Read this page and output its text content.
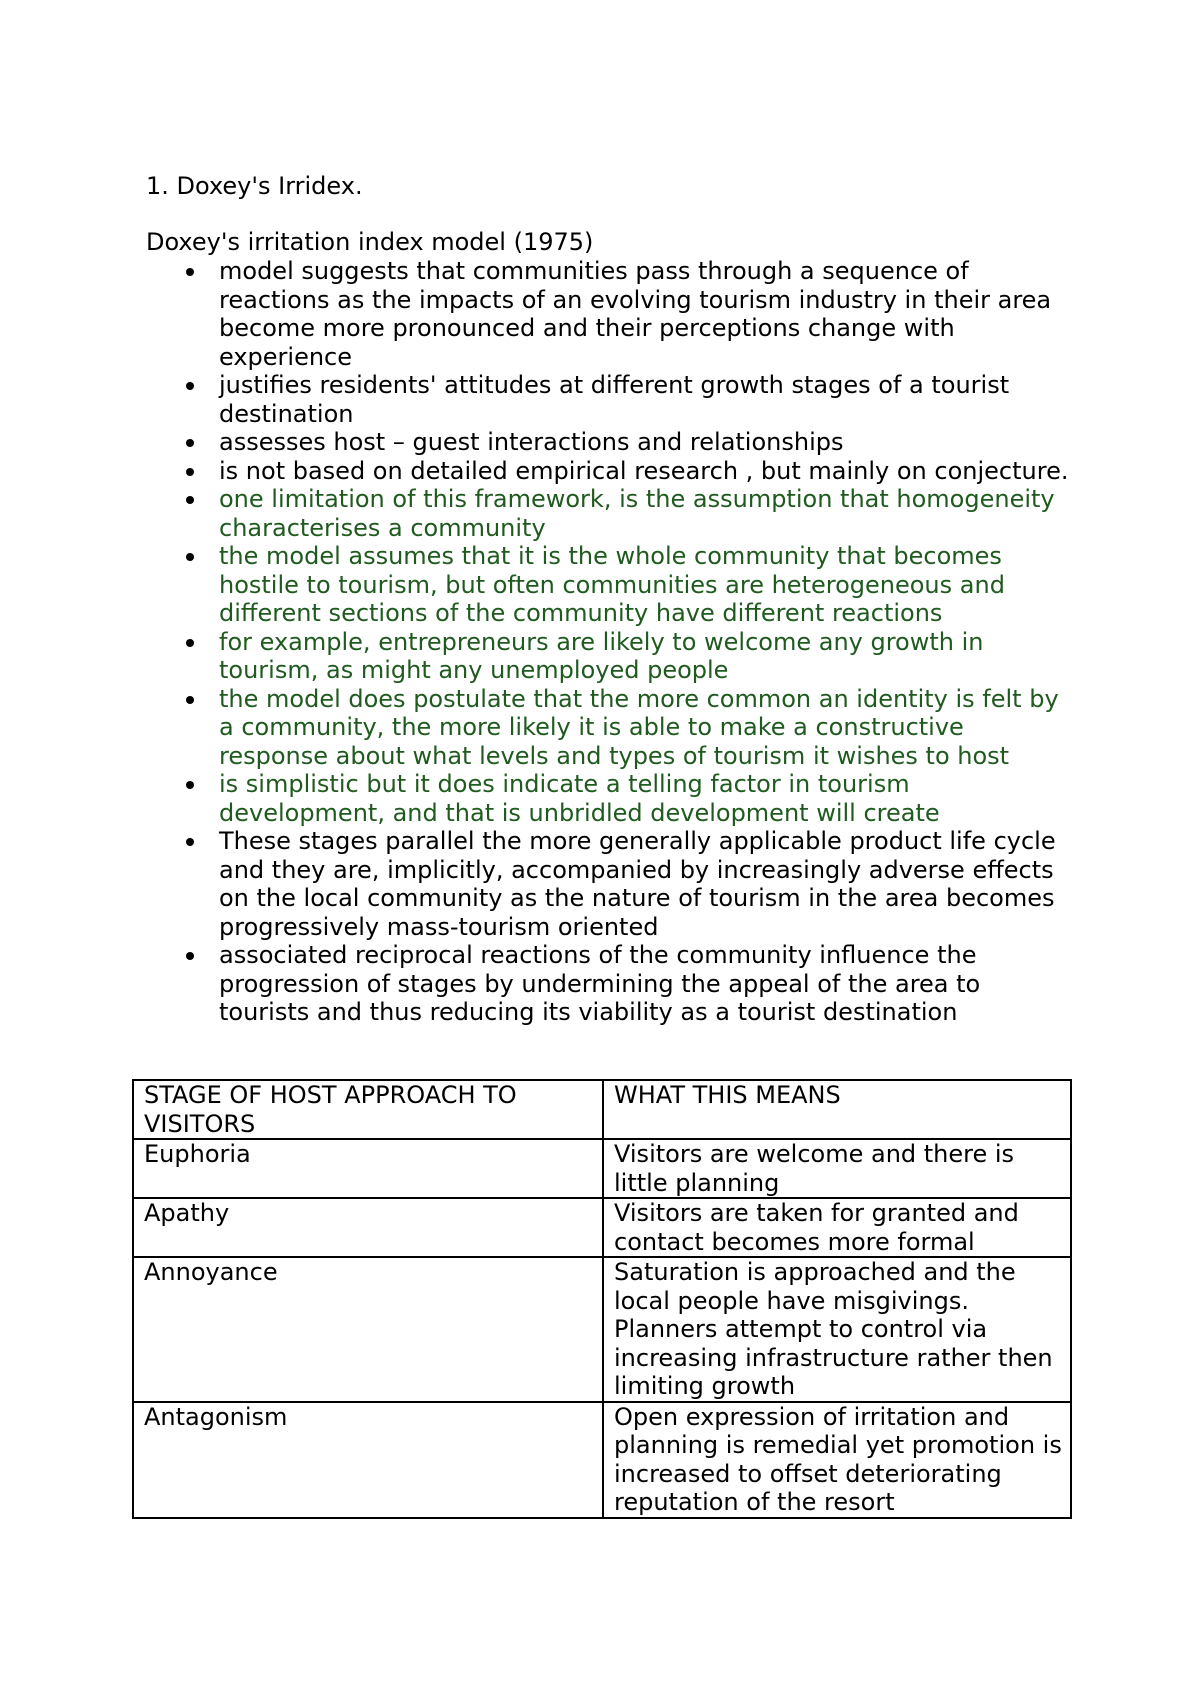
1. Doxey's Irridex.
Doxey's irritation index model (1975)
model suggests that communities pass through a sequence of reactions as the impacts of an evolving tourism industry in their area become more pronounced and their perceptions change with experience
justifies residents' attitudes at different growth stages of a tourist destination
assesses host – guest interactions and relationships
is not based on detailed empirical research , but mainly on conjecture.
one limitation of this framework, is the assumption that homogeneity characterises a community
the model assumes that it is the whole community that becomes hostile to tourism, but often communities are heterogeneous and different sections of the community have different reactions
for example, entrepreneurs are likely to welcome any growth in tourism, as might any unemployed people
the model does postulate that the more common an identity is felt by a community, the more likely it is able to make a constructive response about what levels and types of tourism it wishes to host
is simplistic but it does indicate a telling factor in tourism development, and that is unbridled development will create
These stages parallel the more generally applicable product life cycle and they are, implicitly, accompanied by increasingly adverse effects on the local community as the nature of tourism in the area becomes progressively mass-tourism oriented
associated reciprocal reactions of the community influence the progression of stages by undermining the appeal of the area to tourists and thus reducing its viability as a tourist destination
STAGE OF HOST APPROACH TO VISITORS	WHAT THIS MEANS
Euphoria	Visitors are welcome and there is little planning
Apathy	Visitors are taken for granted and contact becomes more formal
Annoyance	Saturation is approached and the local people have misgivings. Planners attempt to control via increasing infrastructure rather then limiting growth
Antagonism	Open expression of irritation and planning is remedial yet promotion is increased to offset deteriorating reputation of the resort
